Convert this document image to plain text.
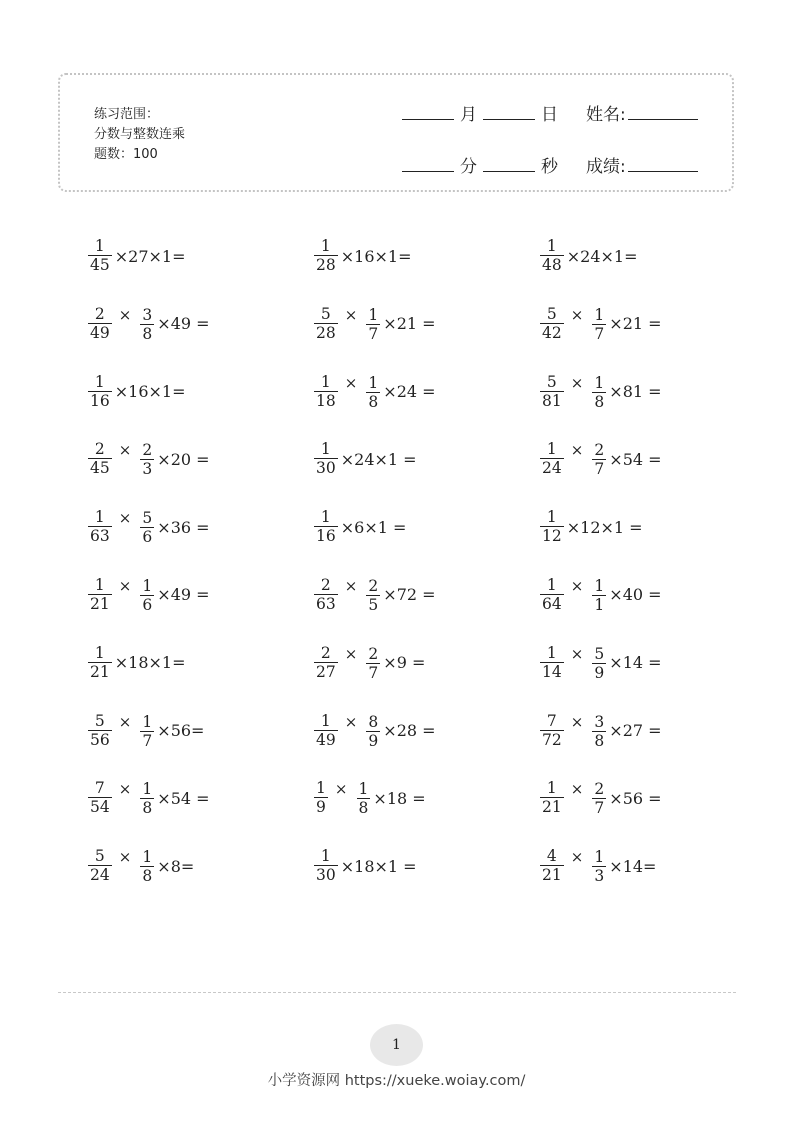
练习范围：
分数与整数连乘
题数：100
月	日 姓名:
分	秒 成绩:
$\frac{1}{45} \times 27\times 1=$	$\frac{1}{28} \times 16\times 1=$	$\frac{1}{48} \times 24\times 1=$
$\frac{2}{49} \times \frac{3}{8} \times 49$ =	$\frac{5}{28} \times \frac{1}{7} \times 21$ =	$\frac{5}{42} \times \frac{1}{7} \times 21$ =
$\frac{1}{16} \times 16\times 1=$	$\frac{1}{18} \times \frac{1}{8} \times 24$ =	$\frac{5}{81} \times \frac{1}{8} \times 81$ =
$\frac{2}{45} \times \frac{2}{3} \times 20$ =	$\frac{1}{30} \times 24\times 1$ =	$\frac{1}{24} \times \frac{2}{7} \times 54$ =
$\frac{1}{63} \times \frac{5}{6} \times 36$ =	$\frac{1}{16} \times 6\times 1$ =	$\frac{1}{12} \times 12\times 1$ =
$\frac{1}{21} \times \frac{1}{6} \times 49$ =	$\frac{2}{63} \times \frac{2}{5} \times 72$ =	$\frac{1}{64} \times \frac{1}{1} \times 40$ =
$\frac{1}{21} \times 18\times 1=$	$\frac{2}{27} \times \frac{2}{7} \times 9$ =	$\frac{1}{14} \times \frac{5}{9} \times 14$ =
$\frac{5}{56} \times \frac{1}{7} \times 56=$	$\frac{1}{49} \times \frac{8}{9} \times 28$ =	$\frac{7}{72} \times \frac{3}{8} \times 27$ =
$\frac{7}{54} \times \frac{1}{8} \times 54$ =	$\frac{1}{9} \times \frac{1}{8} \times 18$ =	$\frac{1}{21} \times \frac{2}{7} \times 56$ =
$\frac{5}{24} \times \frac{1}{8} \times 8=$	$\frac{1}{30} \times 18\times 1$ =	$\frac{4}{21} \times \frac{1}{3} \times 14=$
1
小学资源网 https://xueke.woiay.com/
